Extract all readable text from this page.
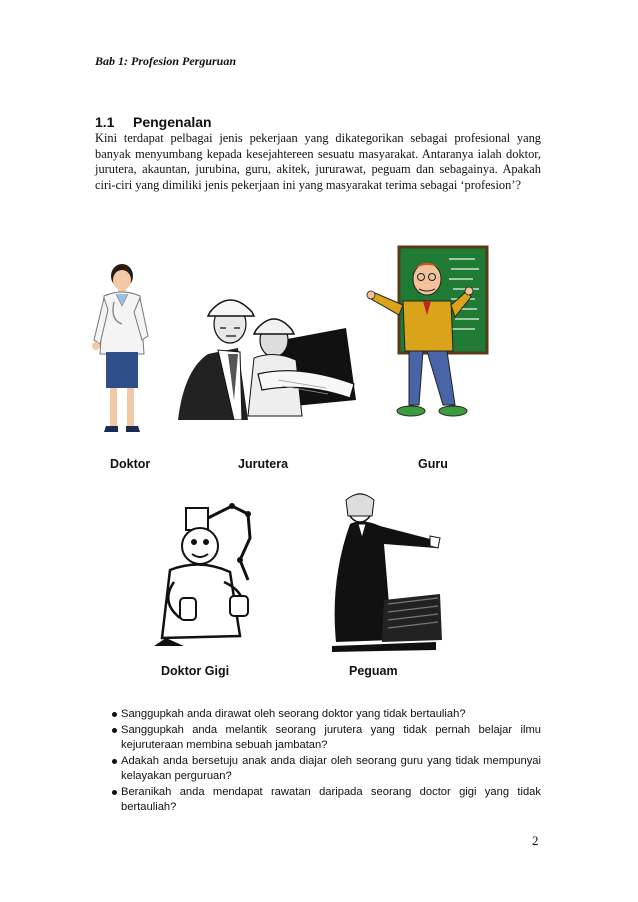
Bab 1: Profesion Perguruan
1.1 Pengenalan

Kini terdapat pelbagai jenis pekerjaan yang dikategorikan sebagai profesional yang banyak menyumbang kepada kesejahtereen sesuatu masyarakat. Antaranya ialah doktor, jurutera, akauntan, jurubina, guru, akitek, jururawat, peguam dan sebagainya. Apakah ciri-ciri yang dimiliki jenis pekerjaan ini yang masyarakat terima sebagai ‘profesion’?

Doktor	Jurutera	Guru
Doktor Gigi	Peguam
Sanggupkah anda dirawat oleh seorang doktor yang tidak bertauliah?
Sanggupkah anda melantik seorang jurutera yang tidak pernah belajar ilmu kejuruteraan membina sebuah jambatan?
Adakah anda bersetuju anak anda diajar oleh seorang guru yang tidak mempunyai kelayakan perguruan?
Beranikah anda mendapat rawatan daripada seorang doctor gigi yang tidak bertauliah?
2
